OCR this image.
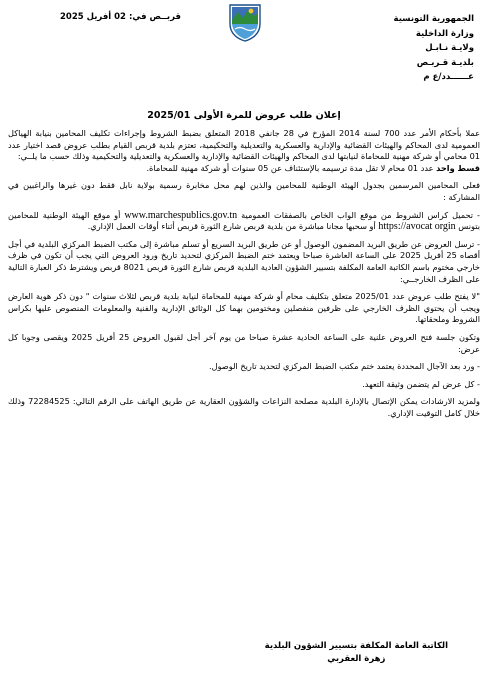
الجمهورية التونسية
وزارة الداخلية
ولايـة نـابـل
بلديـة قـربـص
عــــــدد/ع م
قربــص في: 02 أفريل 2025
إعلان طلب عروض للمرة الأولى 2025/01

عملا بأحكام الأمر عدد 700 لسنة 2014 المؤرخ في 28 جانفي 2018 المتعلق بضبط الشروط وإجراءات تكليف المحامين بنيابة الهياكل العمومية لدى المحاكم والهيئات القضائية والإدارية والعسكرية والتعديلية والتحكيمية، تعتزم بلدية قربص القيام بطلب عروض قصد اختيار عدد 01 محامي أو شركة مهنية للمحاماة لنيابتها لدى المحاكم والهيئات القضائية والإدارية والعسكرية والتعديلية والتحكيمية وذلك حسب ما يلــي:

قسط واحد عدد 01 محام لا تقل مدة ترسيمه بالإستئناف عن 05 سنوات أو شركة مهنية للمحاماة.

فعلى المحامين المرسمين بجدول الهيئة الوطنية للمحامين والذين لهم محل مخابرة رسمية بولاية نابل فقط دون غيرها والراغبين في المشاركة :

- تحميل كراس الشروط من موقع الواب الخاص بالصفقات العمومية www.marchespublics.gov.tn أو موقع الهيئة الوطنية للمحامين بتونس https://avocat orgin أو سحبها مجانا مباشرة من بلدية قربص شارع الثورة قربص أثناء أوقات العمل الإداري.

- ترسل العروض عن طريق البريد المضمون الوصول أو عن طريق البريد السريع أو تسلم مباشرة إلى مكتب الضبط المركزي البلدية في أجل أقصاه 25 أفريل 2025 على الساعة العاشرة صباحا ويعتمد ختم الضبط المركزي لتحديد تاريخ ورود العروض التي يجب أن تكون في ظرف خارجي مختوم باسم الكاتبة العامة المكلفة بتسيير الشؤون العادية البلدية قربص شارع الثورة قربص 8021 قربص ويشترط ذكر العبارة التالية على الظرف الخارجــي:

"لا يفتح طلب عروض عدد 2025/01 متعلق بتكليف محام أو شركة مهنية للمحاماة لنيابة بلدية قربص لثلاث سنوات " دون ذكر هوية العارض ويجب أن يحتوي الظرف الخارجي على ظرفين منفصلين ومختومين بهما كل الوثائق الإدارية والفنية والمعلومات المنصوص عليها بكراس الشروط وملحقاتها.

وتكون جلسة فتح العروض علنية على الساعة الحادية عشرة صباحا من يوم آخر أجل لقبول العروض 25 أفريل 2025 ويقصى وجوبا كل عرض:

- ورد بعد الآجال المحددة يعتمد ختم مكتب الضبط المركزي لتحديد تاريخ الوصول.

- كل عرض لم يتضمن وثيقة التعهد.

ولمزيد الارشادات يمكن الإتصال بالإدارة البلدية مصلحة النزاعات والشؤون العقارية عن طريق الهاتف على الرقم التالي: 72284525 وذلك خلال كامل التوقيت الإداري.

الكاتبة العامة المكلفة بتسيير الشؤون البلدية
زهرة العقربي
